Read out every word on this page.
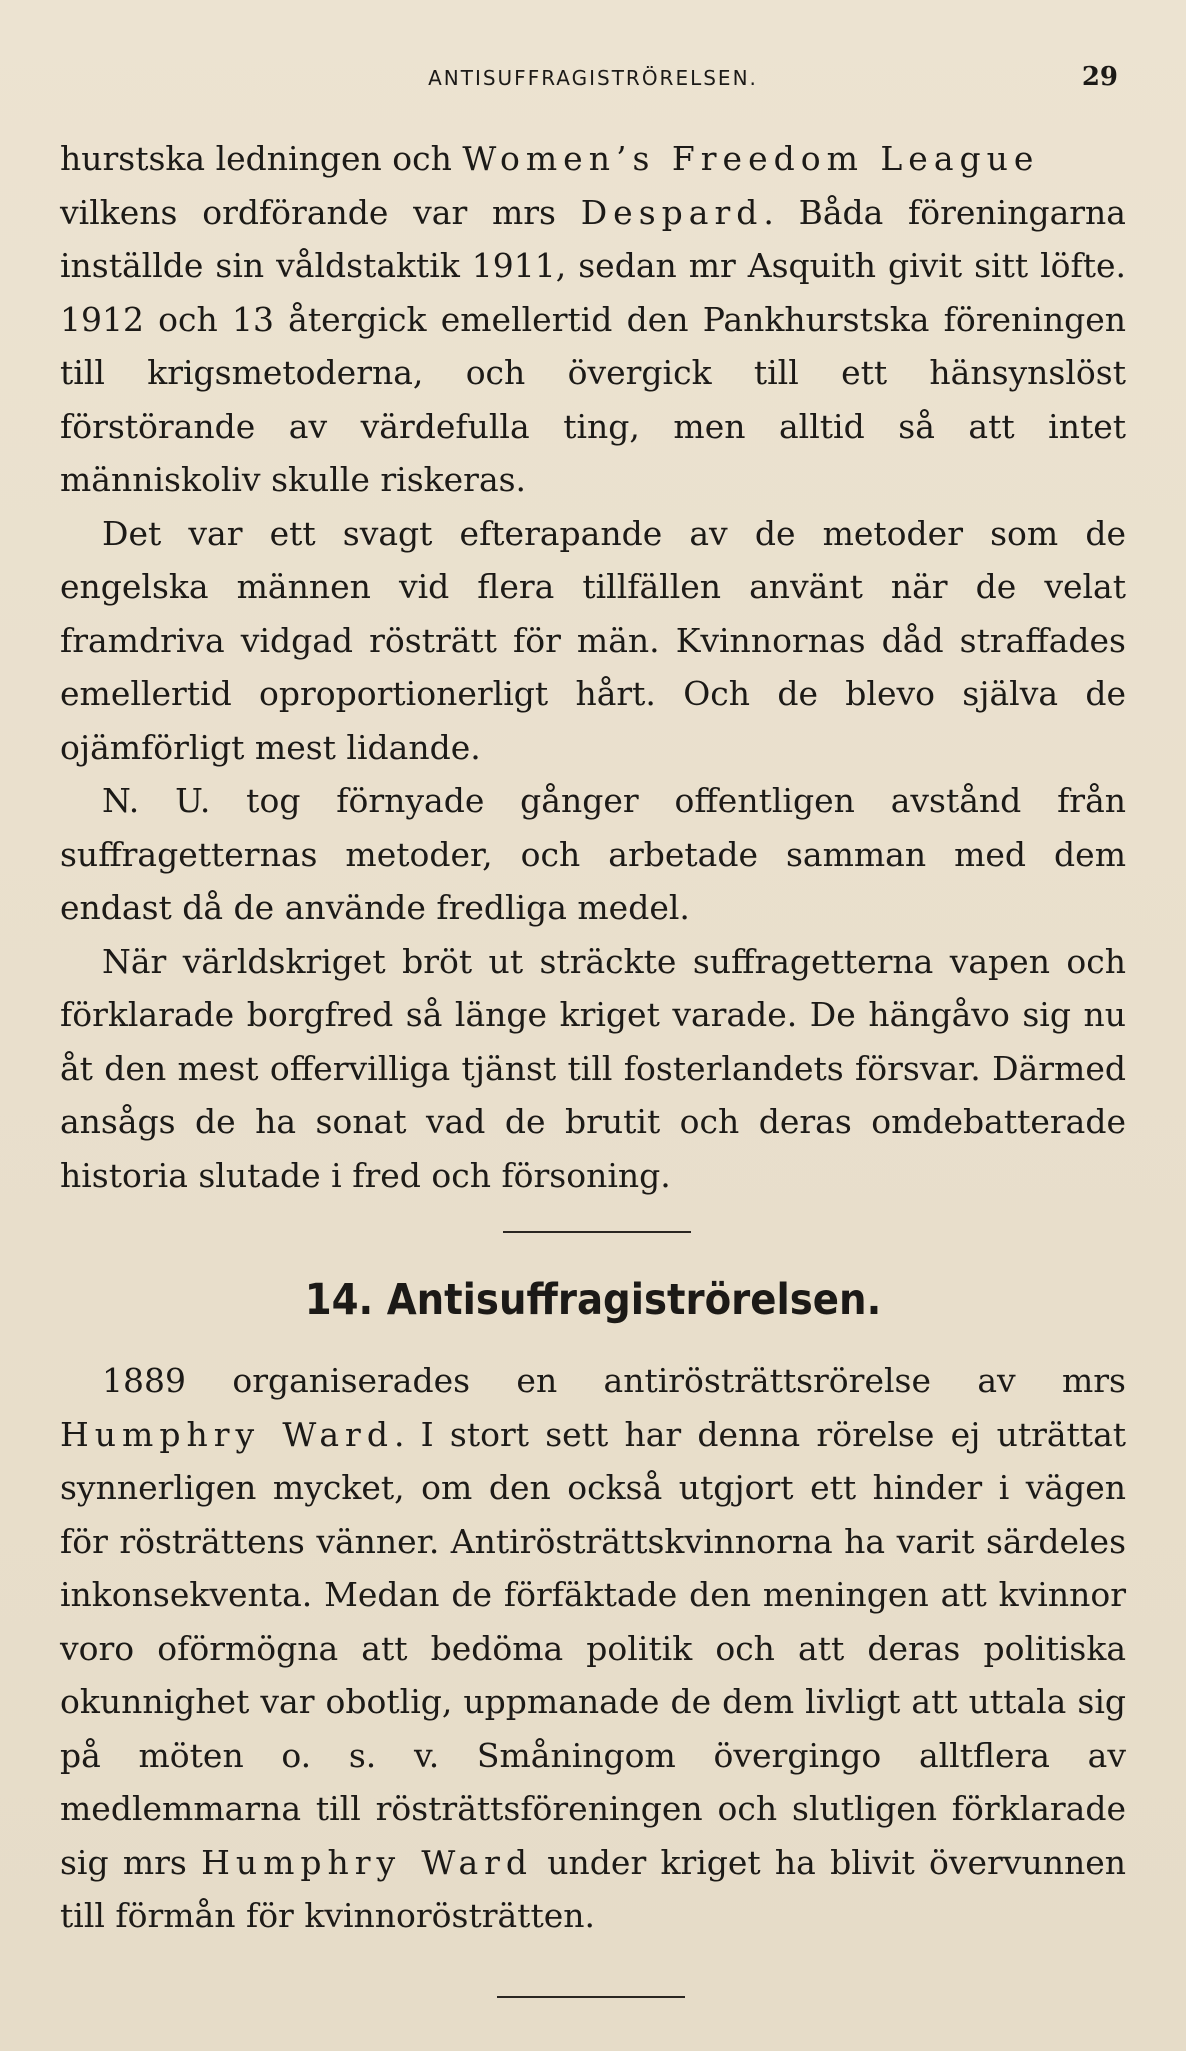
ANTISUFFRAGISTRÖRELSEN.	29

hurstska ledningen och Women’s Freedom League
vilkens ordförande var mrs Despard. Båda föreningarna inställde sin våldstaktik 1911, sedan mr Asquith givit sitt löfte. 1912 och 13 återgick emellertid den Pankhurstska föreningen till krigsmetoderna, och övergick till ett hänsynslöst förstörande av värdefulla ting, men alltid så att intet människoliv skulle riskeras.

Det var ett svagt efterapande av de metoder som de engelska männen vid flera tillfällen använt när de velat framdriva vidgad rösträtt för män. Kvinnornas dåd straffades emellertid oproportionerligt hårt. Och de blevo själva de ojämförligt mest lidande.

N. U. tog förnyade gånger offentligen avstånd från suffragetternas metoder, och arbetade samman med dem endast då de använde fredliga medel.

När världskriget bröt ut sträckte suffragetterna vapen och förklarade borgfred så länge kriget varade. De hängåvo sig nu åt den mest offervilliga tjänst till fosterlandets försvar. Därmed ansågs de ha sonat vad de brutit och deras omdebatterade historia slutade i fred och försoning.

14. Antisuffragiströrelsen.

1889 organiserades en antirösträttsrörelse av mrs Humphry Ward. I stort sett har denna rörelse ej uträttat synnerligen mycket, om den också utgjort ett hinder i vägen för rösträttens vänner. Antirösträttskvinnorna ha varit särdeles inkonsekventa. Medan de förfäktade den meningen att kvinnor voro oförmögna att bedöma politik och att deras politiska okunnighet var obotlig, uppmanade de dem livligt att uttala sig på möten o. s. v. Småningom övergingo alltflera av medlemmarna till rösträttsföreningen och slutligen förklarade sig mrs Humphry Ward under kriget ha blivit övervunnen till förmån för kvinnorösträtten.
